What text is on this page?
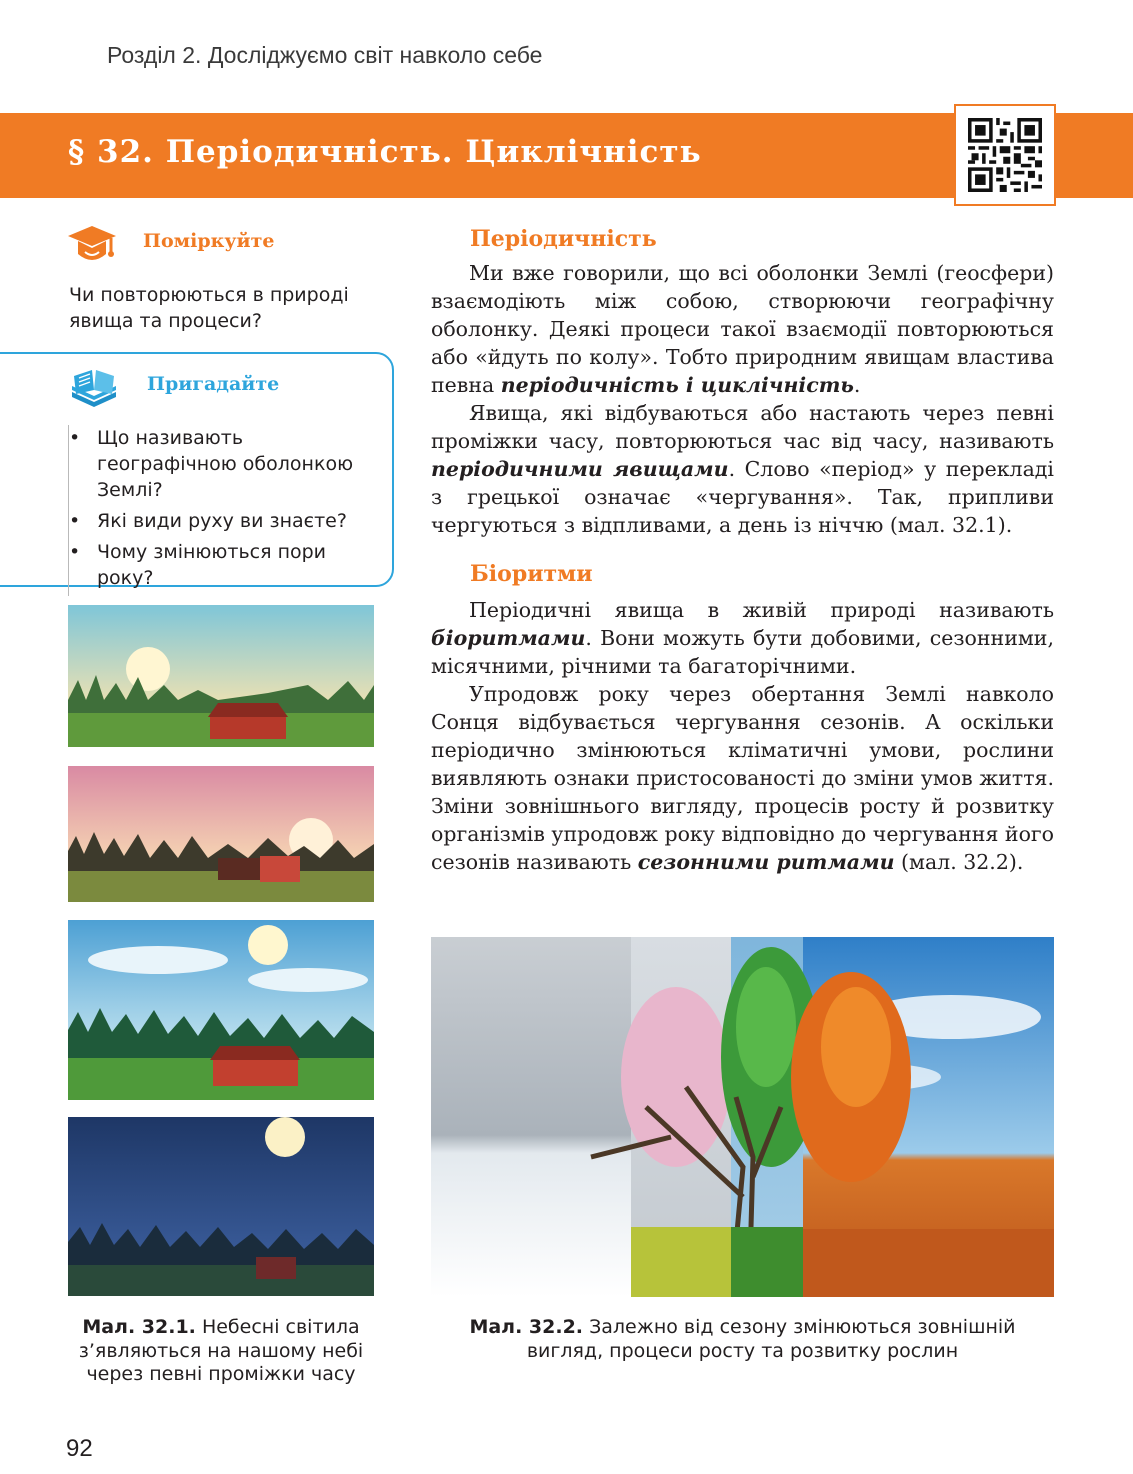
Розділ 2. Досліджуємо світ навколо себе
§ 32. Періодичність. Циклічність
Поміркуйте
Чи повторюються в природі явища та процеси?
Пригадайте
• Що називають географічною оболонкою Землі?
• Які види руху ви знаєте?
• Чому змінюються пори року?
Мал. 32.1. Небесні світила з’являються на нашому небі через певні проміжки часу
Періодичність

Ми вже говорили, що всі оболонки Землі (геосфери) взаємодіють між собою, створюючи географічну оболонку. Деякі процеси такої взаємодії повторюються або «йдуть по колу». Тобто природним явищам властива певна періодичність і циклічність.

Явища, які відбуваються або настають через певні проміжки часу, повторюються час від часу, називають періодичними явищами. Слово «період» у перекладі з грецької означає «чергування». Так, припливи чергуються з відпливами, а день із ніччю (мал. 32.1).

Біоритми

Періодичні явища в живій природі називають біоритмами. Вони можуть бути добовими, сезонними, місячними, річними та багаторічними.

Упродовж року через обертання Землі навколо Сонця відбувається чергування сезонів. А оскільки періодично змінюються кліматичні умови, рослини виявляють ознаки пристосованості до зміни умов життя. Зміни зовнішнього вигляду, процесів росту й розвитку організмів упродовж року відповідно до чергування його сезонів називають сезонними ритмами (мал. 32.2).

Мал. 32.2. Залежно від сезону змінюються зовнішній вигляд, процеси росту та розвитку рослин
92
